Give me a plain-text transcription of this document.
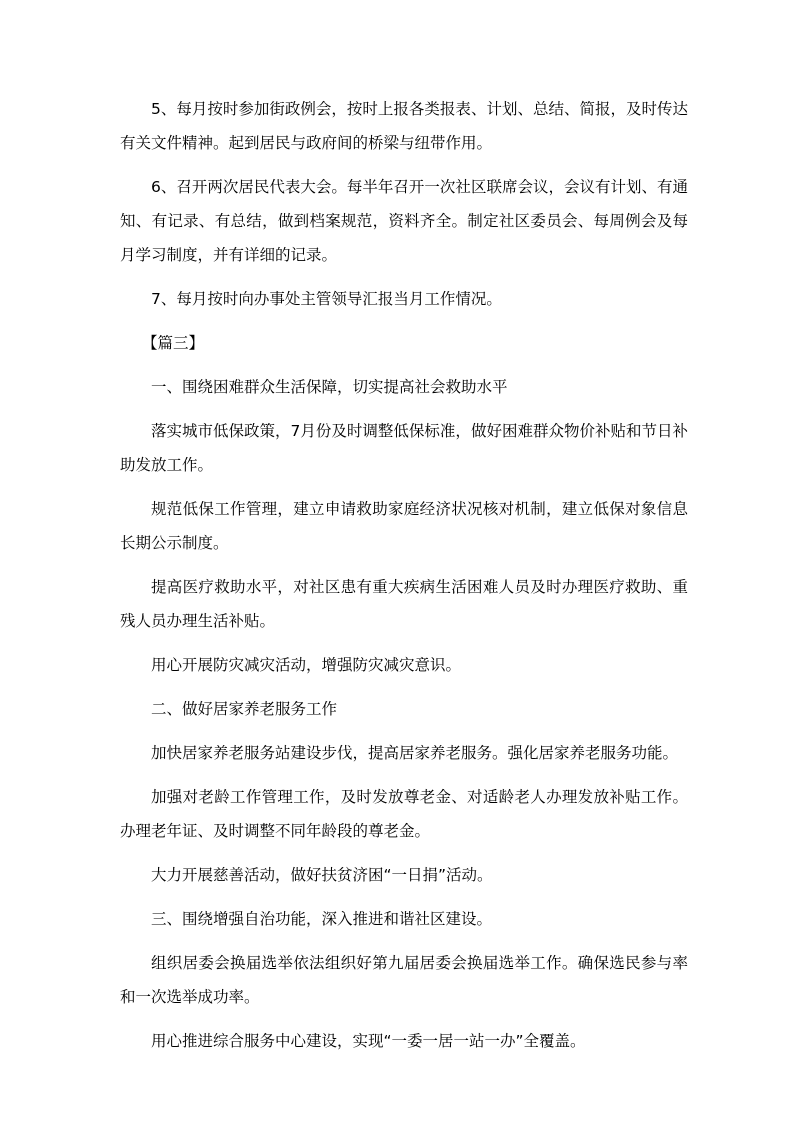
5、每月按时参加街政例会，按时上报各类报表、计划、总结、简报，及时传达有关文件精神。起到居民与政府间的桥梁与纽带作用。

6、召开两次居民代表大会。每半年召开一次社区联席会议，会议有计划、有通知、有记录、有总结，做到档案规范，资料齐全。制定社区委员会、每周例会及每月学习制度，并有详细的记录。

7、每月按时向办事处主管领导汇报当月工作情况。

【篇三】

一、围绕困难群众生活保障，切实提高社会救助水平

落实城市低保政策，7月份及时调整低保标准，做好困难群众物价补贴和节日补助发放工作。

规范低保工作管理，建立申请救助家庭经济状况核对机制，建立低保对象信息长期公示制度。

提高医疗救助水平，对社区患有重大疾病生活困难人员及时办理医疗救助、重残人员办理生活补贴。

用心开展防灾减灾活动，增强防灾减灾意识。

二、做好居家养老服务工作

加快居家养老服务站建设步伐，提高居家养老服务。强化居家养老服务功能。

加强对老龄工作管理工作，及时发放尊老金、对适龄老人办理发放补贴工作。办理老年证、及时调整不同年龄段的尊老金。

大力开展慈善活动，做好扶贫济困“一日捐”活动。

三、围绕增强自治功能，深入推进和谐社区建设。

组织居委会换届选举依法组织好第九届居委会换届选举工作。确保选民参与率和一次选举成功率。

用心推进综合服务中心建设，实现“一委一居一站一办”全覆盖。
